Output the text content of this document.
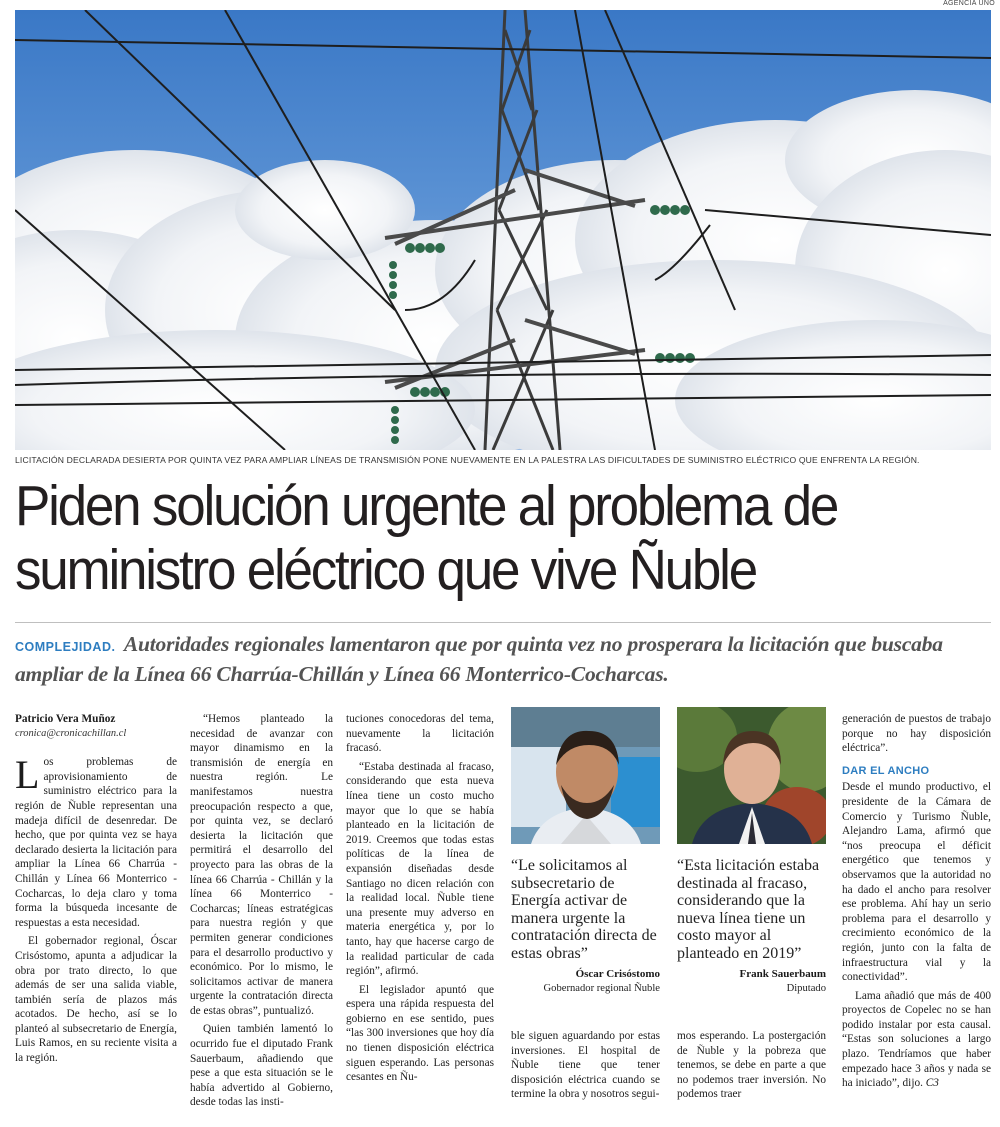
AGENCIA UNO
LICITACIÓN DECLARADA DESIERTA POR QUINTA VEZ PARA AMPLIAR LÍNEAS DE TRANSMISIÓN PONE NUEVAMENTE EN LA PALESTRA LAS DIFICULTADES DE SUMINISTRO ELÉCTRICO QUE ENFRENTA LA REGIÓN.
Piden solución urgente al problema de
suministro eléctrico que vive Ñuble
COMPLEJIDAD. Autoridades regionales lamentaron que por quinta vez no prosperara la licitación que buscaba ampliar de la Línea 66 Charrúa-Chillán y Línea 66 Monterrico-Cocharcas.
Patricio Vera Muñoz
cronica@cronicachillan.cl

Los problemas de aprovisionamiento de suministro eléctrico para la región de Ñuble representan una madeja difícil de desenredar. De hecho, que por quinta vez se haya declarado desierta la licitación para ampliar la Línea 66 Charrúa - Chillán y Línea 66 Monterrico - Cocharcas, lo deja claro y toma forma la búsqueda incesante de respuestas a esta necesidad.

El gobernador regional, Óscar Crisóstomo, apunta a adjudicar la obra por trato directo, lo que además de ser una salida viable, también sería de plazos más acotados. De hecho, así se lo planteó al subsecretario de Energía, Luis Ramos, en su reciente visita a la región.

“Hemos planteado la necesidad de avanzar con mayor dinamismo en la transmisión de energía en nuestra región. Le manifestamos nuestra preocupación respecto a que, por quinta vez, se declaró desierta la licitación que permitirá el desarrollo del proyecto para las obras de la línea 66 Charrúa - Chillán y la línea 66 Monterrico - Cocharcas; líneas estratégicas para nuestra región y que permiten generar condiciones para el desarrollo productivo y económico. Por lo mismo, le solicitamos activar de manera urgente la contratación directa de estas obras”, puntualizó.

Quien también lamentó lo ocurrido fue el diputado Frank Sauerbaum, añadiendo que pese a que esta situación se le había advertido al Gobierno, desde todas las insti-

tuciones conocedoras del tema, nuevamente la licitación fracasó.

“Estaba destinada al fracaso, considerando que esta nueva línea tiene un costo mucho mayor que lo que se había planteado en la licitación de 2019. Creemos que todas estas políticas de la línea de expansión diseñadas desde Santiago no dicen relación con la realidad local. Ñuble tiene una presente muy adverso en materia energética y, por lo tanto, hay que hacerse cargo de la realidad particular de cada región”, afirmó.

El legislador apuntó que espera una rápida respuesta del gobierno en ese sentido, pues “las 300 inversiones que hoy día no tienen disposición eléctrica siguen esperando. Las personas cesantes en Ñu-

“Le solicitamos al subsecretario de Energía activar de manera urgente la contratación directa de estas obras”
Óscar Crisóstomo
Gobernador regional Ñuble
“Esta licitación estaba destinada al fracaso, considerando que la nueva línea tiene un costo mayor al planteado en 2019”
Frank Sauerbaum
Diputado

ble siguen aguardando por estas inversiones. El hospital de Ñuble tiene que tener disposición eléctrica cuando se termine la obra y nosotros segui-

mos esperando. La postergación de Ñuble y la pobreza que tenemos, se debe en parte a que no podemos traer inversión. No podemos traer

generación de puestos de trabajo porque no hay disposición eléctrica”.

DAR EL ANCHO

Desde el mundo productivo, el presidente de la Cámara de Comercio y Turismo Ñuble, Alejandro Lama, afirmó que “nos preocupa el déficit energético que tenemos y observamos que la autoridad no ha dado el ancho para resolver ese problema. Ahí hay un serio problema para el desarrollo y crecimiento económico de la región, junto con la falta de infraestructura vial y la conectividad”.

Lama añadió que más de 400 proyectos de Copelec no se han podido instalar por esta causal. “Estas son soluciones a largo plazo. Tendríamos que haber empezado hace 3 años y nada se ha iniciado”, dijo. C3
